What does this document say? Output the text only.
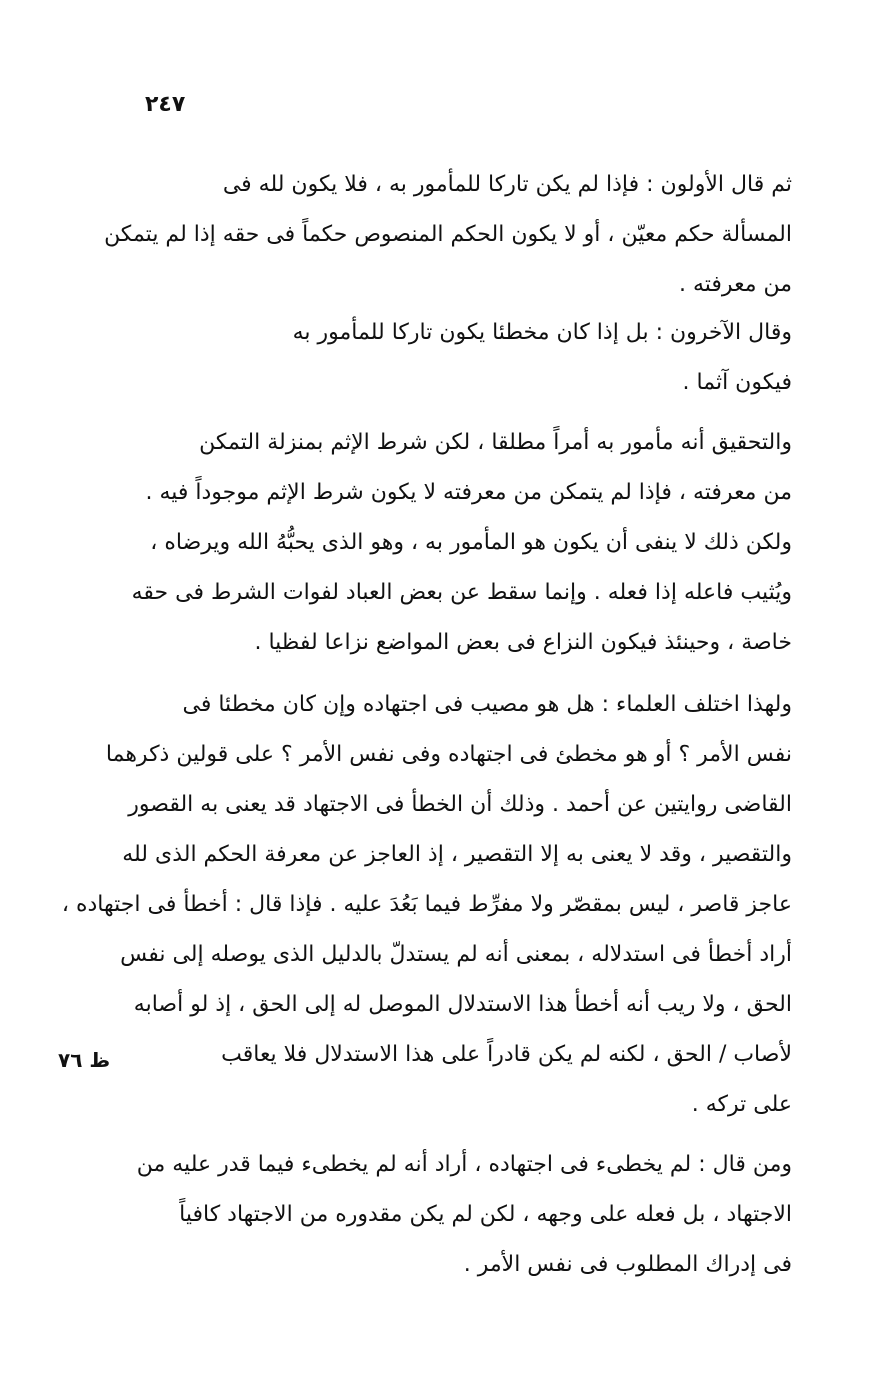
٢٤٧
ظ ٧٦
ثم قال الأولون : فإذا لم يكن تاركا للمأمور به ، فلا يكون لله فى
المسألة حكم معيّن ، أو لا يكون الحكم المنصوص حكماً فى حقه إذا لم يتمكن
من معرفته .
وقال الآخرون : بل إذا كان مخطئا يكون تاركا للمأمور به
فيكون آثما .
والتحقيق أنه مأمور به أمراً مطلقا ، لكن شرط الإثم بمنزلة التمكن
من معرفته ، فإذا لم يتمكن من معرفته لا يكون شرط الإثم موجوداً فيه .
ولكن ذلك لا ينفى أن يكون هو المأمور به ، وهو الذى يحبُّهُ الله ويرضاه ،
ويُثيب فاعله إذا فعله . وإنما سقط عن بعض العباد لفوات الشرط فى حقه
خاصة ، وحينئذ فيكون النزاع فى بعض المواضع نزاعا لفظيا .
ولهذا اختلف العلماء : هل هو مصيب فى اجتهاده وإن كان مخطئا فى
نفس الأمر ؟ أو هو مخطئ فى اجتهاده وفى نفس الأمر ؟ على قولين ذكرهما
القاضى روايتين عن أحمد . وذلك أن الخطأ فى الاجتهاد قد يعنى به القصور
والتقصير ، وقد لا يعنى به إلا التقصير ، إذ العاجز عن معرفة الحكم الذى لله
عاجز قاصر ، ليس بمقصّر ولا مفرِّط فيما بَعُدَ عليه . فإذا قال : أخطأ فى اجتهاده ،
أراد أخطأ فى استدلاله ، بمعنى أنه لم يستدلّ بالدليل الذى يوصله إلى نفس
الحق ، ولا ريب أنه أخطأ هذا الاستدلال الموصل له إلى الحق ، إذ لو أصابه
لأصاب / الحق ، لكنه لم يكن قادراً على هذا الاستدلال فلا يعاقب
على تركه .
ومن قال : لم يخطىء فى اجتهاده ، أراد أنه لم يخطىء فيما قدر عليه من
الاجتهاد ، بل فعله على وجهه ، لكن لم يكن مقدوره من الاجتهاد كافياً
فى إدراك المطلوب فى نفس الأمر .
